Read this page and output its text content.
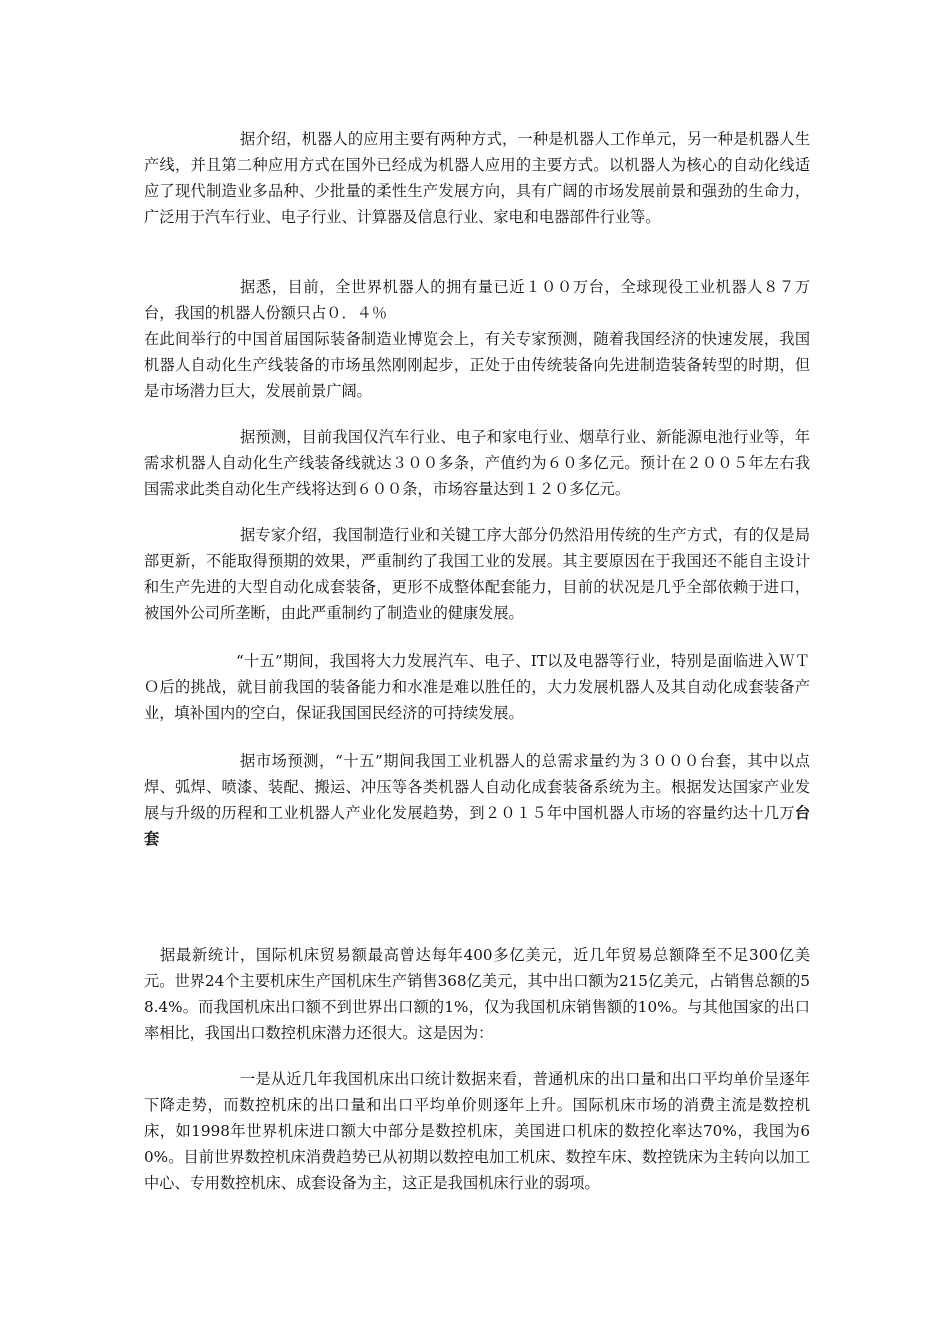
据介绍，机器人的应用主要有两种方式，一种是机器人工作单元，另一种是机器人生产线，并且第二种应用方式在国外已经成为机器人应用的主要方式。以机器人为核心的自动化线适应了现代制造业多品种、少批量的柔性生产发展方向，具有广阔的市场发展前景和强劲的生命力，广泛用于汽车行业、电子行业、计算器及信息行业、家电和电器部件行业等。

据悉，目前，全世界机器人的拥有量已近１００万台，全球现役工业机器人８７万台，我国的机器人份额只占０．４％
在此间举行的中国首届国际装备制造业博览会上，有关专家预测，随着我国经济的快速发展，我国机器人自动化生产线装备的市场虽然刚刚起步，正处于由传统装备向先进制造装备转型的时期，但是市场潜力巨大，发展前景广阔。

据预测，目前我国仅汽车行业、电子和家电行业、烟草行业、新能源电池行业等，年需求机器人自动化生产线装备线就达３００多条，产值约为６０多亿元。预计在２００５年左右我国需求此类自动化生产线将达到６００条，市场容量达到１２０多亿元。

据专家介绍，我国制造行业和关键工序大部分仍然沿用传统的生产方式，有的仅是局部更新，不能取得预期的效果，严重制约了我国工业的发展。其主要原因在于我国还不能自主设计和生产先进的大型自动化成套装备，更形不成整体配套能力，目前的状况是几乎全部依赖于进口，被国外公司所垄断，由此严重制约了制造业的健康发展。

“十五”期间，我国将大力发展汽车、电子、IT以及电器等行业，特别是面临进入ＷＴＯ后的挑战，就目前我国的装备能力和水准是难以胜任的，大力发展机器人及其自动化成套装备产业，填补国内的空白，保证我国国民经济的可持续发展。

据市场预测，“十五”期间我国工业机器人的总需求量约为３０００台套，其中以点焊、弧焊、喷漆、装配、搬运、冲压等各类机器人自动化成套装备系统为主。根据发达国家产业发展与升级的历程和工业机器人产业化发展趋势，到２０１５年中国机器人市场的容量约达十几万台套

据最新统计，国际机床贸易额最高曾达每年400多亿美元，近几年贸易总额降至不足300亿美元。世界24个主要机床生产国机床生产销售368亿美元，其中出口额为215亿美元，占销售总额的58.4%。而我国机床出口额不到世界出口额的1%，仅为我国机床销售额的10%。与其他国家的出口率相比，我国出口数控机床潜力还很大。这是因为：

一是从近几年我国机床出口统计数据来看，普通机床的出口量和出口平均单价呈逐年下降走势，而数控机床的出口量和出口平均单价则逐年上升。国际机床市场的消费主流是数控机床，如1998年世界机床进口额大中部分是数控机床，美国进口机床的数控化率达70%，我国为60%。目前世界数控机床消费趋势已从初期以数控电加工机床、数控车床、数控铣床为主转向以加工中心、专用数控机床、成套设备为主，这正是我国机床行业的弱项。
